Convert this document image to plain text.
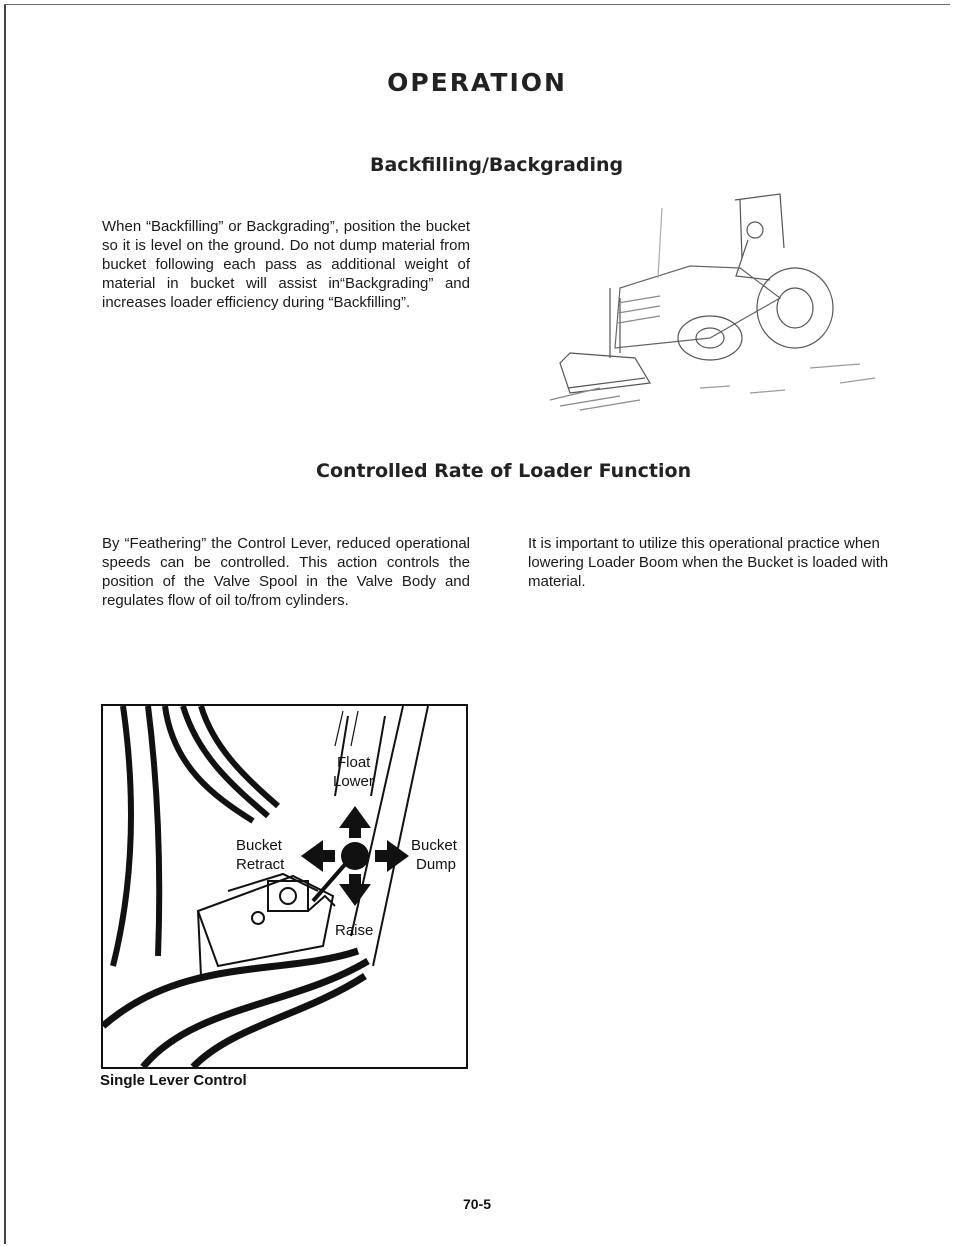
OPERATION
Backfilling/Backgrading

When “Backfilling” or Backgrading”, position the bucket so it is level on the ground. Do not dump material from bucket following each pass as additional weight of material in bucket will assist in“Backgrading” and increases loader efficiency during “Backfilling”.

Controlled Rate of Loader Function

By “Feathering” the Control Lever, reduced operational speeds can be controlled. This action controls the position of the Valve Spool in the Valve Body and regulates flow of oil to/from cylinders.

It is important to utilize this operational practice when lowering Loader Boom when the Bucket is loaded with material.

Float
Lower
Bucket
Retract
Bucket
Dump
Raise
Single Lever Control
70-5
